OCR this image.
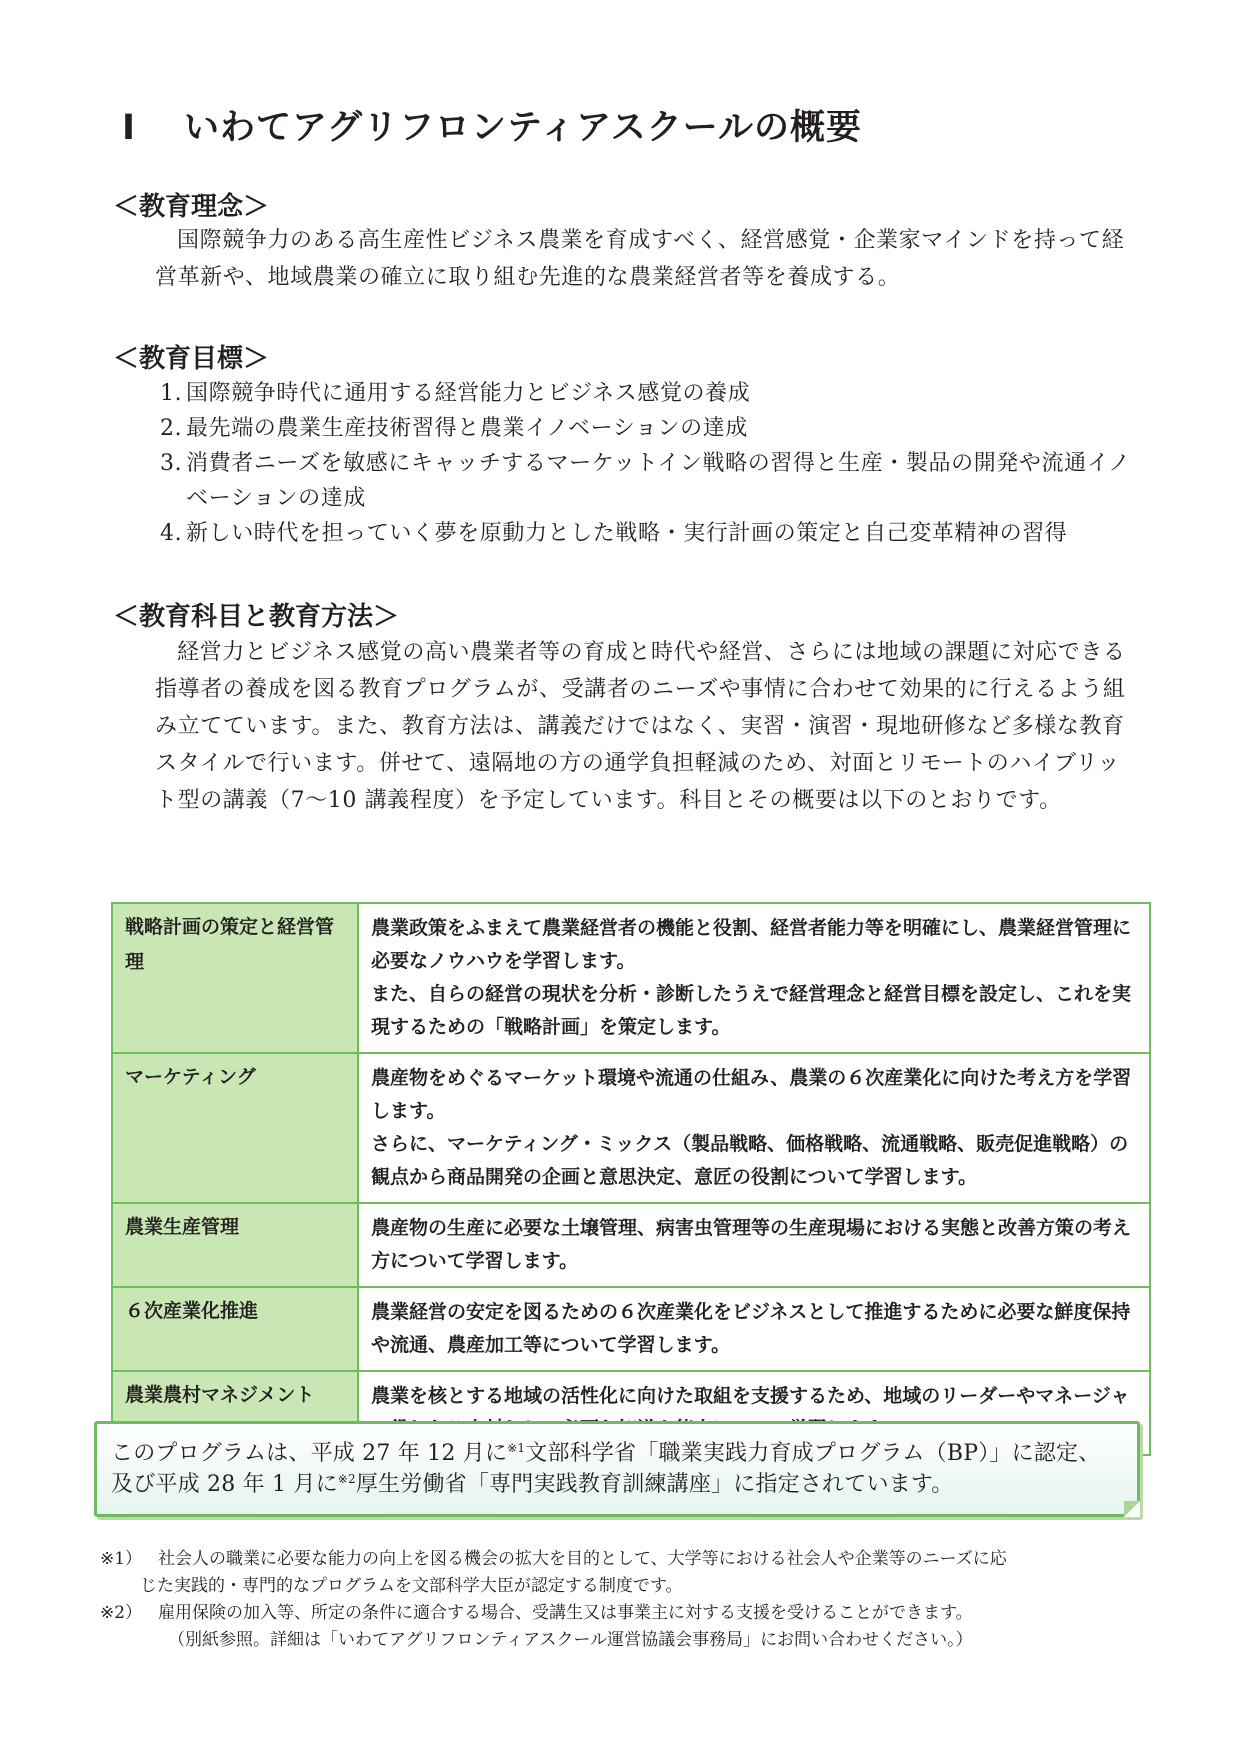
Ⅰ いわてアグリフロンティアスクールの概要
＜教育理念＞

国際競争力のある高生産性ビジネス農業を育成すべく、経営感覚・企業家マインドを持って経営革新や、地域農業の確立に取り組む先進的な農業経営者等を養成する。

＜教育目標＞
1. 国際競争時代に通用する経営能力とビジネス感覚の養成
2. 最先端の農業生産技術習得と農業イノベーションの達成
3. 消費者ニーズを敏感にキャッチするマーケットイン戦略の習得と生産・製品の開発や流通イノベーションの達成
4. 新しい時代を担っていく夢を原動力とした戦略・実行計画の策定と自己変革精神の習得
＜教育科目と教育方法＞

経営力とビジネス感覚の高い農業者等の育成と時代や経営、さらには地域の課題に対応できる指導者の養成を図る教育プログラムが、受講者のニーズや事情に合わせて効果的に行えるよう組み立てています。また、教育方法は、講義だけではなく、実習・演習・現地研修など多様な教育スタイルで行います。併せて、遠隔地の方の通学負担軽減のため、対面とリモートのハイブリット型の講義（7～10 講義程度）を予定しています。科目とその概要は以下のとおりです。

戦略計画の策定と経営管理	農業政策をふまえて農業経営者の機能と役割、経営者能力等を明確にし、農業経営管理に必要なノウハウを学習します。
また、自らの経営の現状を分析・診断したうえで経営理念と経営目標を設定し、これを実現するための「戦略計画」を策定します。

マーケティング	農産物をめぐるマーケット環境や流通の仕組み、農業の６次産業化に向けた考え方を学習します。
さらに、マーケティング・ミックス（製品戦略、価格戦略、流通戦略、販売促進戦略）の観点から商品開発の企画と意思決定、意匠の役割について学習します。

農業生産管理	農産物の生産に必要な土壌管理、病害虫管理等の生産現場における実態と改善方策の考え方について学習します。

６次産業化推進	農業経営の安定を図るための６次産業化をビジネスとして推進するために必要な鮮度保持や流通、農産加工等について学習します。

農業農村マネジメント	農業を核とする地域の活性化に向けた取組を支援するため、地域のリーダーやマネージャ

このプログラムは、平成 27 年 12 月に$^{※1}$文部科学省「職業実践力育成プログラム（BP）」に認定、
及び平成 28 年 1 月に$^{※2}$厚生労働省「専門実践教育訓練講座」に指定されています。

※1） 社会人の職業に必要な能力の向上を図る機会の拡大を目的として、大学等における社会人や企業等のニーズに応
じた実践的・専門的なプログラムを文部科学大臣が認定する制度です。
※2） 雇用保険の加入等、所定の条件に適合する場合、受講生又は事業主に対する支援を受けることができます。
（別紙参照。詳細は「いわてアグリフロンティアスクール運営協議会事務局」にお問い合わせください。）
